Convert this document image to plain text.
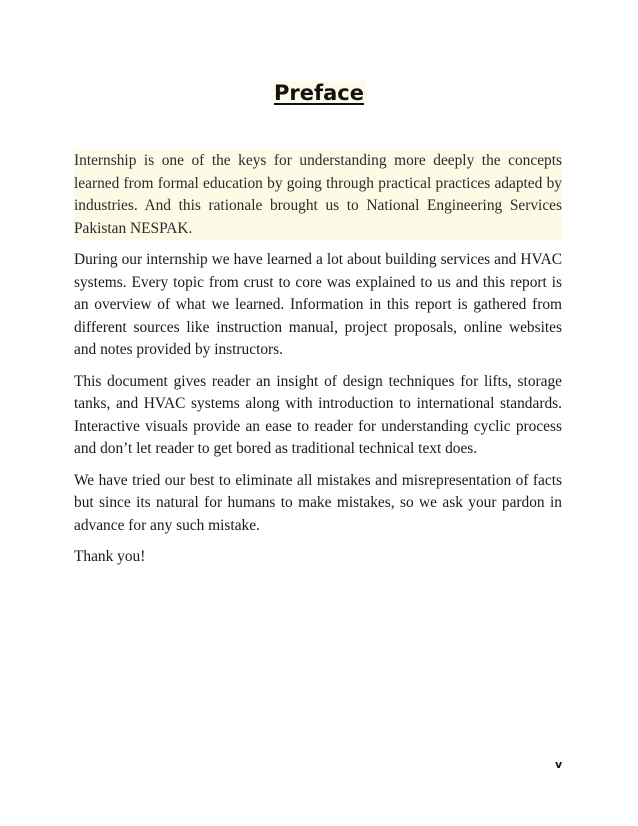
Preface

Internship is one of the keys for understanding more deeply the concepts learned from formal education by going through practical practices adapted by industries. And this rationale brought us to National Engineering Services Pakistan NESPAK.

During our internship we have learned a lot about building services and HVAC systems. Every topic from crust to core was explained to us and this report is an overview of what we learned. Information in this report is gathered from different sources like instruction manual, project proposals, online websites and notes provided by instructors.

This document gives reader an insight of design techniques for lifts, storage tanks, and HVAC systems along with introduction to international standards. Interactive visuals provide an ease to reader for understanding cyclic process and don’t let reader to get bored as traditional technical text does.

We have tried our best to eliminate all mistakes and misrepresentation of facts but since its natural for humans to make mistakes, so we ask your pardon in advance for any such mistake.

Thank you!

v
